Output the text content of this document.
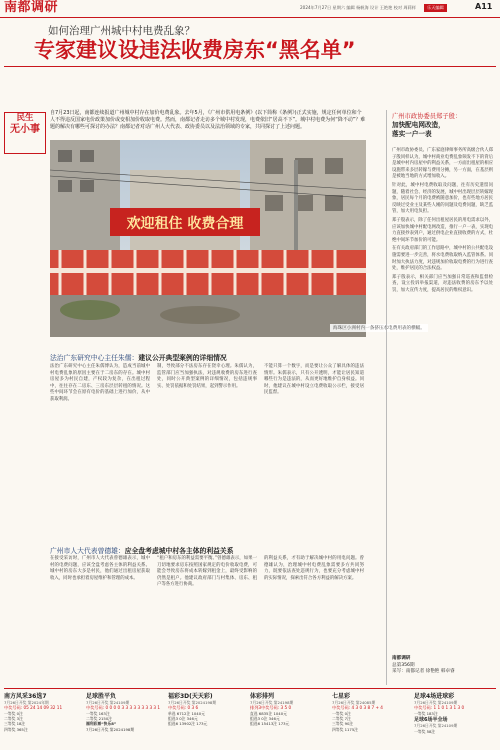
南都调研	2024年7月27日 星期六 编辑 杨帆海 设计 王艳艳 校对 周莉样	乐天编辑	A11
如何治理广州城中村电费乱象？
专家建议设违法收费房东“黑名单”
民生
无小事
自7月23日起，南都连续报道广州城中村存在加价电费乱象。去年5月，《广州市供用电条例》(以下简称《条例》)正式实施，规定任何单位和个人不得违反国家电价政策加价或变相加价收取电费。然而，南都记者走访多个城中村发现，电费依旧“居高不下”。城中村电费为何“降不动”？难题的解决有哪些可探讨的办法？南都记者对话广州人大代表、政协委员以及法治领域的专家，共同探讨了上述问题。
欢迎租住 收费合理
海珠区小洲村内一条挤压水电费用表的横幅。
广州市政协委员郑子殷：
加快配电网改造，
落实一户一表

广州市政协委员、广东家庭律师事务所高级合伙人郑子殷同样认为，城中村商业电费乱象频发不下的背后是城中村内房屋中的利益关系，一方面出租屋的相应设施带来多层转嫁与费用分摊，另一方面，在基层则是被地当地的方式增加收入。

针对此，城中村电费收取及问题，往有历史遗留问题，随着社会、经济的发展，城中村出现层层转嫁现象，居民每个月的电费被随意加价，也有些地方居民反映过受业主及某些人刚的问题及电费问题，缺乏监管，加大用电负担。

郑子殷表示，除了任何出租屋居民的用电需求以外，应该加快城中村配电网改造，推行一户一表，实现电力直接抄表到户，通过供电企业直接收费的方式，杜绝中间环节加价的可能。

在有关政府部门的工作思路中，城中村的公共配电设施需要进一步完善，将水电费收取纳入监管体系。同时加大执法力度，对违规加价收取电费的行为进行查处，维护居民的合法权益。

郑子殷表示，相关部门应当加强日常巡查和监督检查，设立投诉举报渠道，对违法收费的房东予以处罚，加大宣传力度，提高居民的维权意识。

南都调研
总第356期
采写：南都记者 徐艳艳 韩卓睿
法治广东研究中心主任朱儒：建议公开典型案例的详细情况
法治广东研究中心主任朱儒博认为，造成当前城中村电费乱象的原因主要在于二房东的存在。城中村房屋多为村民自建，产权较为复杂，在出租过程中，往往存在二房东、三房东层层转租的情况。这些中间环节会在原有电价的基础上进行加价，从中获取利润。
制，导致部分不法房东存在侥幸心理。朱儒认为，监管部门应当加强执法，对违规收费的房东进行查处，同时公开典型案例的详细情况，包括违规事实、处罚依据和处罚结果，起到警示作用。
不能只算一个数字，而是要让公众了解具体的违法情形。朱儒表示，只有公开透明，才能让居民知道哪些行为是违法的，从而更好地维护自身权益。同时，他建议在城中村设立电费收取公示栏，接受居民监督。
广州市人大代表曾德雄：应全盘考虑城中村各主体的利益关系
在接受采访时，广州市人大代表曾德雄表示，城中村的电费问题，应该全盘考虑各主体的利益关系。城中村的房东大多是村民，他们通过出租房屋获取收入，同时也承担着房屋维护和管理的成本。
“租户和房东的利益需要平衡。”曾德雄表示，如果一刀切地要求房东按照国家规定的电价收取电费，可能会导致房东将成本转嫁到租金上，最终受影响的仍然是租户。他建议政府部门与村集体、房东、租户等各方进行协商。
的利益关系，才有助于解决城中村的用电问题。曾德雄认为，治理城中村电费乱象需要多方共同努力，既要依法查处违规行为，也要充分考虑城中村的实际情况，探索出符合各方利益的解决方案。
南方风采36选7
7月26日开奖 第2024年期
中奖号码: 05 24 14 09 32 11
一等奖 0注
二等奖 3注
三等奖 18注
四等奖 365注
足球胜平负
7月26日开奖 第24109期
中奖号码: 0 0 0 0 3 3 3 3 3 3 3 3 3 1
一等奖 163注
二等奖 2150注
福利彩票“快乐8”
7月26日开奖 第2024198期
福彩3D(天天彩)
7月26日开奖 第2024198期
中奖号码: 0 3 6
单选 6712注 1040元
组选3 0注 346元
组选6 13902注 173元
体彩排列
7月26日开奖 第24198期
排列3中奖号码: 3 5 0
直选 6835注 1040元
组选3 0注 346元
组选6 15413注 173元
七星彩
7月26日开奖 第24085期
中奖号码: 4 3 0 3 8 7 + 4
一等奖 0注
二等奖 7注
三等奖 90注
四等奖 1175注
足球4场进球彩
7月26日开奖 第24109期
中奖号码: 1 1 0 1 3 1 3 0
一等奖 183注
足球6场半全场
7月26日开奖 第24109期
一等奖 58注
